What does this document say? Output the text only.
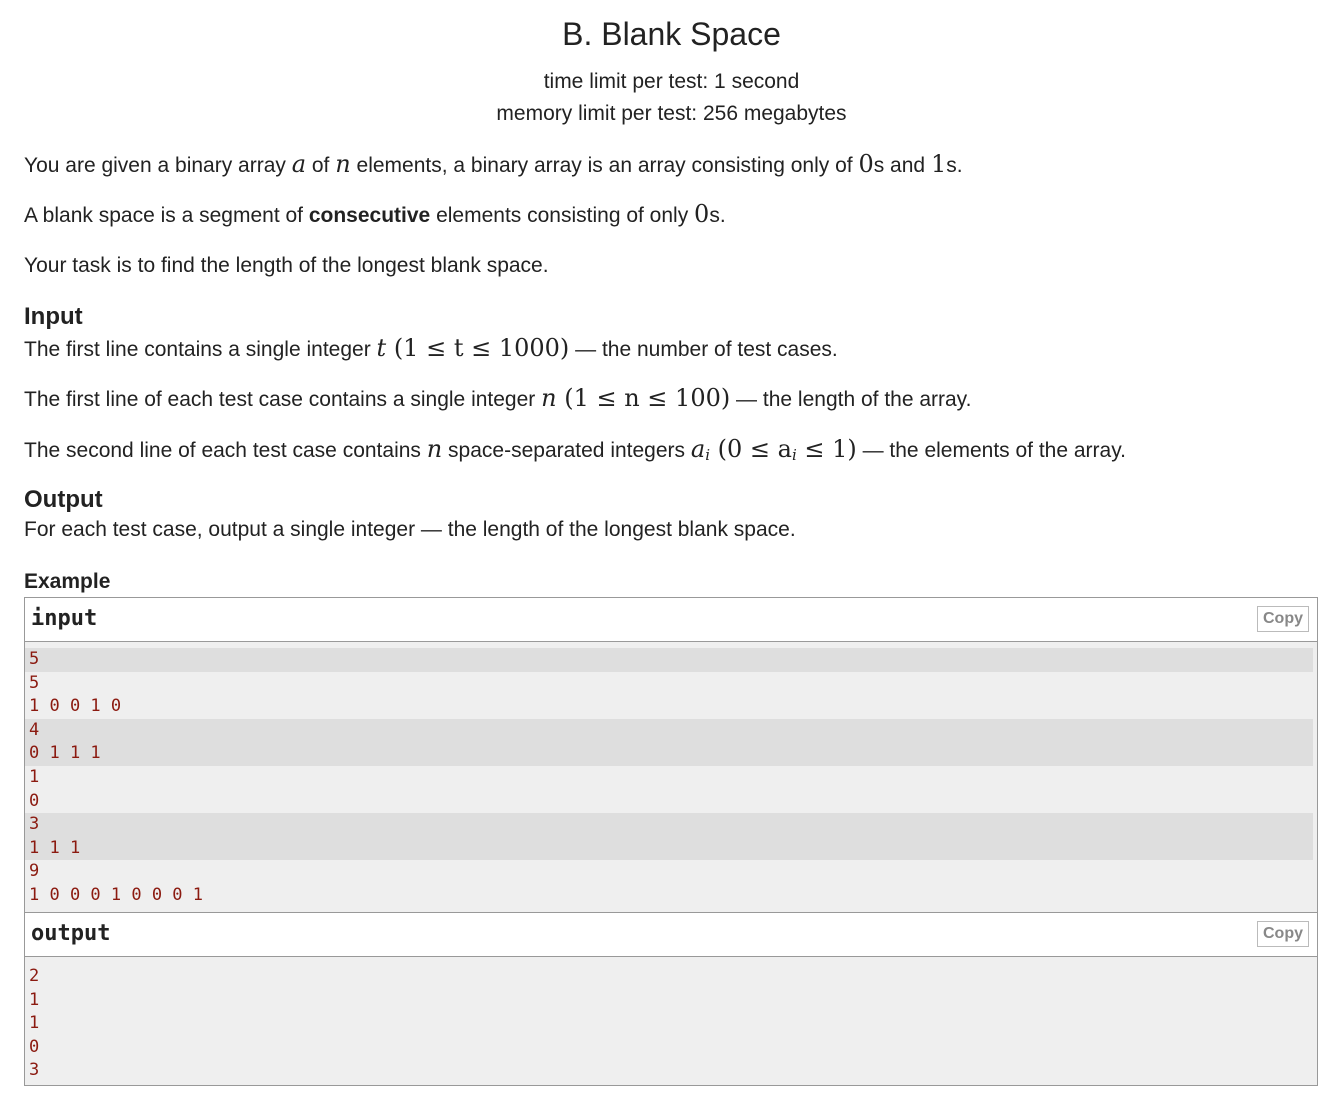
B. Blank Space
time limit per test: 1 second
memory limit per test: 256 megabytes
You are given a binary array a of n elements, a binary array is an array consisting only of 0s and 1s.
A blank space is a segment of consecutive elements consisting of only 0s.
Your task is to find the length of the longest blank space.
Input
The first line contains a single integer t (1 ≤ t ≤ 1000) — the number of test cases.
The first line of each test case contains a single integer n (1 ≤ n ≤ 100) — the length of the array.
The second line of each test case contains n space-separated integers $a_i$ $(0 \le a_i \le 1)$ — the elements of the array.
Output
For each test case, output a single integer — the length of the longest blank space.
Example
input	Copy
5
5
1 0 0 1 0
4
0 1 1 1
1
0
3
1 1 1
9
1 0 0 0 1 0 0 0 1
output	Copy
2
1
1
0
3
